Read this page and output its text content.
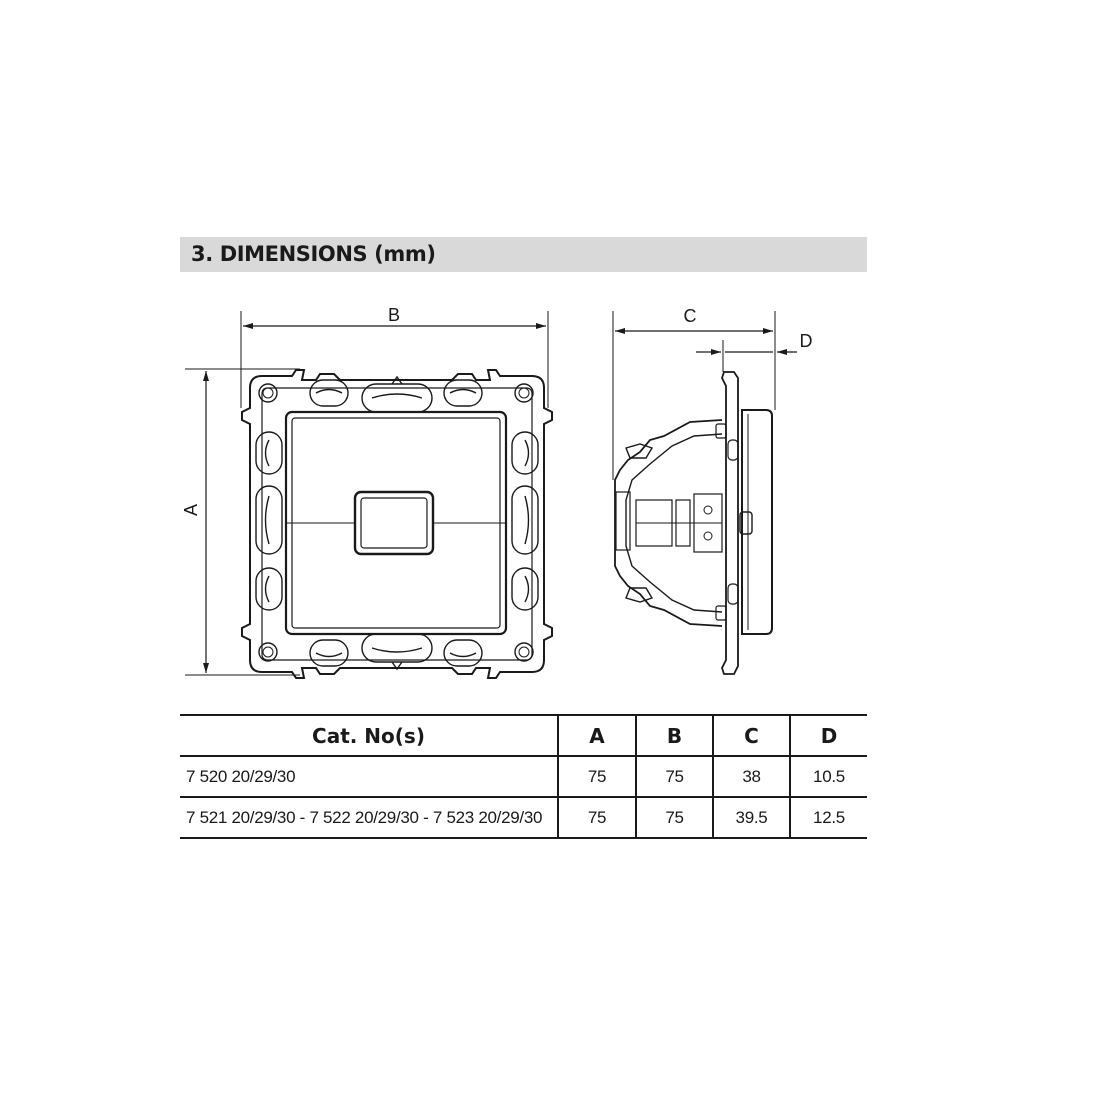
3. DIMENSIONS (mm)
B
A
C
D
Cat. No(s)	A	B	C	D
7 520 20/29/30	75	75	38	10.5
7 521 20/29/30 - 7 522 20/29/30 - 7 523 20/29/30	75	75	39.5	12.5
